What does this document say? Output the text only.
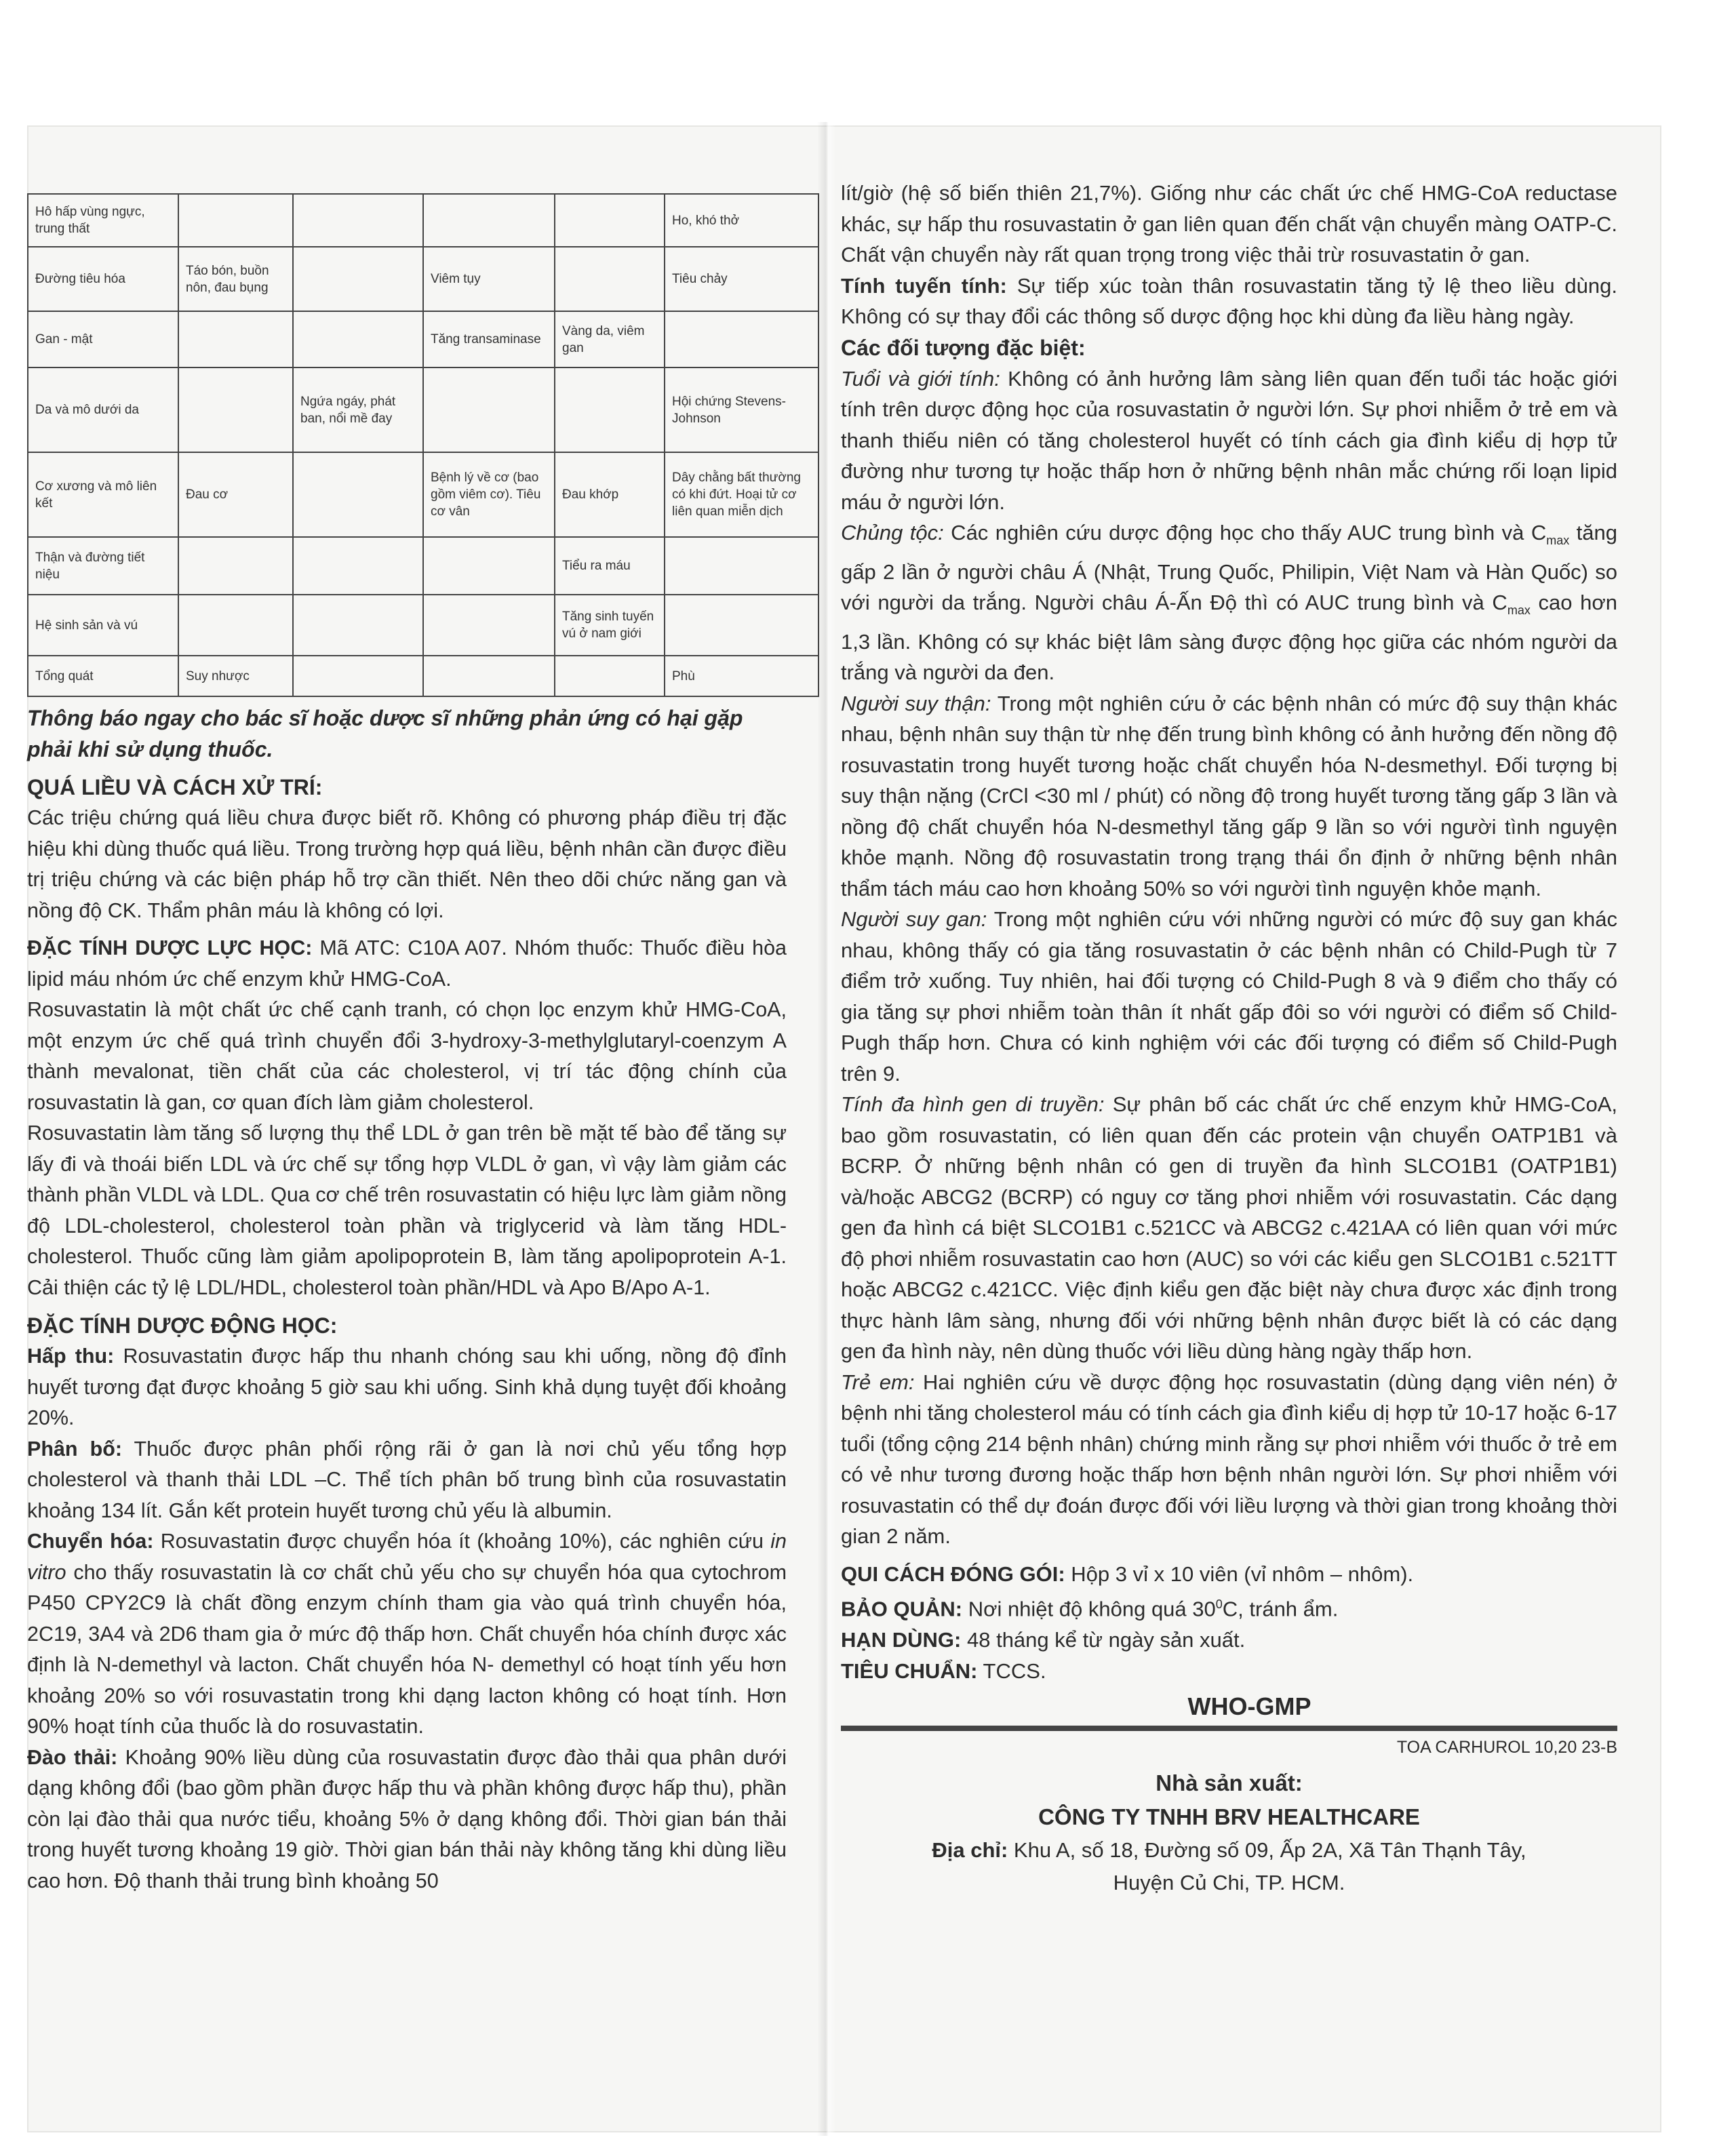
Hô hấp vùng ngực, trung thất					Ho, khó thở
Đường tiêu hóa	Táo bón, buồn nôn, đau bụng		Viêm tụy		Tiêu chảy
Gan - mật			Tăng transaminase	Vàng da, viêm gan	
Da và mô dưới da		Ngứa ngáy, phát ban, nổi mề đay			Hội chứng Stevens-Johnson
Cơ xương và mô liên kết	Đau cơ		Bệnh lý về cơ (bao gồm viêm cơ). Tiêu cơ vân	Đau khớp	Dây chằng bất thường có khi đứt. Hoại tử cơ liên quan miễn dịch
Thận và đường tiết niệu				Tiểu ra máu	
Hệ sinh sản và vú				Tăng sinh tuyến vú ở nam giới	
Tổng quát	Suy nhược				Phù

Thông báo ngay cho bác sĩ hoặc dược sĩ những phản ứng có hại gặp phải khi sử dụng thuốc.

QUÁ LIỀU VÀ CÁCH XỬ TRÍ:

Các triệu chứng quá liều chưa được biết rõ. Không có phương pháp điều trị đặc hiệu khi dùng thuốc quá liều. Trong trường hợp quá liều, bệnh nhân cần được điều trị triệu chứng và các biện pháp hỗ trợ cần thiết. Nên theo dõi chức năng gan và nồng độ CK. Thẩm phân máu là không có lợi.

ĐẶC TÍNH DƯỢC LỰC HỌC: Mã ATC: C10A A07. Nhóm thuốc: Thuốc điều hòa lipid máu nhóm ức chế enzym khử HMG-CoA.

Rosuvastatin là một chất ức chế cạnh tranh, có chọn lọc enzym khử HMG-CoA, một enzym ức chế quá trình chuyển đổi 3-hydroxy-3-methylglutaryl-coenzym A thành mevalonat, tiền chất của các cholesterol, vị trí tác động chính của rosuvastatin là gan, cơ quan đích làm giảm cholesterol.

Rosuvastatin làm tăng số lượng thụ thể LDL ở gan trên bề mặt tế bào để tăng sự lấy đi và thoái biến LDL và ức chế sự tổng hợp VLDL ở gan, vì vậy làm giảm các thành phần VLDL và LDL. Qua cơ chế trên rosuvastatin có hiệu lực làm giảm nồng độ LDL-cholesterol, cholesterol toàn phần và triglycerid và làm tăng HDL-cholesterol. Thuốc cũng làm giảm apolipoprotein B, làm tăng apolipoprotein A-1. Cải thiện các tỷ lệ LDL/HDL, cholesterol toàn phần/HDL và Apo B/Apo A-1.

ĐẶC TÍNH DƯỢC ĐỘNG HỌC:

Hấp thu: Rosuvastatin được hấp thu nhanh chóng sau khi uống, nồng độ đỉnh huyết tương đạt được khoảng 5 giờ sau khi uống. Sinh khả dụng tuyệt đối khoảng 20%.

Phân bố: Thuốc được phân phối rộng rãi ở gan là nơi chủ yếu tổng hợp cholesterol và thanh thải LDL –C. Thể tích phân bố trung bình của rosuvastatin khoảng 134 lít. Gắn kết protein huyết tương chủ yếu là albumin.

Chuyển hóa: Rosuvastatin được chuyển hóa ít (khoảng 10%), các nghiên cứu in vitro cho thấy rosuvastatin là cơ chất chủ yếu cho sự chuyển hóa qua cytochrom P450 CPY2C9 là chất đồng enzym chính tham gia vào quá trình chuyển hóa, 2C19, 3A4 và 2D6 tham gia ở mức độ thấp hơn. Chất chuyển hóa chính được xác định là N-demethyl và lacton. Chất chuyển hóa N- demethyl có hoạt tính yếu hơn khoảng 20% so với rosuvastatin trong khi dạng lacton không có hoạt tính. Hơn 90% hoạt tính của thuốc là do rosuvastatin.

Đào thải: Khoảng 90% liều dùng của rosuvastatin được đào thải qua phân dưới dạng không đổi (bao gồm phần được hấp thu và phần không được hấp thu), phần còn lại đào thải qua nước tiểu, khoảng 5% ở dạng không đổi. Thời gian bán thải trong huyết tương khoảng 19 giờ. Thời gian bán thải này không tăng khi dùng liều cao hơn. Độ thanh thải trung bình khoảng 50

lít/giờ (hệ số biến thiên 21,7%). Giống như các chất ức chế HMG-CoA reductase khác, sự hấp thu rosuvastatin ở gan liên quan đến chất vận chuyển màng OATP-C. Chất vận chuyển này rất quan trọng trong việc thải trừ rosuvastatin ở gan.

Tính tuyến tính: Sự tiếp xúc toàn thân rosuvastatin tăng tỷ lệ theo liều dùng. Không có sự thay đổi các thông số dược động học khi dùng đa liều hàng ngày.

Các đối tượng đặc biệt:

Tuổi và giới tính: Không có ảnh hưởng lâm sàng liên quan đến tuổi tác hoặc giới tính trên dược động học của rosuvastatin ở người lớn. Sự phơi nhiễm ở trẻ em và thanh thiếu niên có tăng cholesterol huyết có tính cách gia đình kiểu dị hợp tử đường như tương tự hoặc thấp hơn ở những bệnh nhân mắc chứng rối loạn lipid máu ở người lớn.

Chủng tộc: Các nghiên cứu dược động học cho thấy AUC trung bình và $C_{max}$ tăng gấp 2 lần ở người châu Á (Nhật, Trung Quốc, Philipin, Việt Nam và Hàn Quốc) so với người da trắng. Người châu Á-Ấn Độ thì có AUC trung bình và $C_{max}$ cao hơn 1,3 lần. Không có sự khác biệt lâm sàng được động học giữa các nhóm người da trắng và người da đen.

Người suy thận: Trong một nghiên cứu ở các bệnh nhân có mức độ suy thận khác nhau, bệnh nhân suy thận từ nhẹ đến trung bình không có ảnh hưởng đến nồng độ rosuvastatin trong huyết tương hoặc chất chuyển hóa N-desmethyl. Đối tượng bị suy thận nặng (CrCl <30 ml / phút) có nồng độ trong huyết tương tăng gấp 3 lần và nồng độ chất chuyển hóa N-desmethyl tăng gấp 9 lần so với người tình nguyện khỏe mạnh. Nồng độ rosuvastatin trong trạng thái ổn định ở những bệnh nhân thẩm tách máu cao hơn khoảng 50% so với người tình nguyện khỏe mạnh.

Người suy gan: Trong một nghiên cứu với những người có mức độ suy gan khác nhau, không thấy có gia tăng rosuvastatin ở các bệnh nhân có Child-Pugh từ 7 điểm trở xuống. Tuy nhiên, hai đối tượng có Child-Pugh 8 và 9 điểm cho thấy có gia tăng sự phơi nhiễm toàn thân ít nhất gấp đôi so với người có điểm số Child-Pugh thấp hơn. Chưa có kinh nghiệm với các đối tượng có điểm số Child-Pugh trên 9.

Tính đa hình gen di truyền: Sự phân bố các chất ức chế enzym khử HMG-CoA, bao gồm rosuvastatin, có liên quan đến các protein vận chuyển OATP1B1 và BCRP. Ở những bệnh nhân có gen di truyền đa hình SLCO1B1 (OATP1B1) và/hoặc ABCG2 (BCRP) có nguy cơ tăng phơi nhiễm với rosuvastatin. Các dạng gen đa hình cá biệt SLCO1B1 c.521CC và ABCG2 c.421AA có liên quan với mức độ phơi nhiễm rosuvastatin cao hơn (AUC) so với các kiểu gen SLCO1B1 c.521TT hoặc ABCG2 c.421CC. Việc định kiểu gen đặc biệt này chưa được xác định trong thực hành lâm sàng, nhưng đối với những bệnh nhân được biết là có các dạng gen đa hình này, nên dùng thuốc với liều dùng hàng ngày thấp hơn.

Trẻ em: Hai nghiên cứu về dược động học rosuvastatin (dùng dạng viên nén) ở bệnh nhi tăng cholesterol máu có tính cách gia đình kiểu dị hợp tử 10-17 hoặc 6-17 tuổi (tổng cộng 214 bệnh nhân) chứng minh rằng sự phơi nhiễm với thuốc ở trẻ em có vẻ như tương đương hoặc thấp hơn bệnh nhân người lớn. Sự phơi nhiễm với rosuvastatin có thể dự đoán được đối với liều lượng và thời gian trong khoảng thời gian 2 năm.

QUI CÁCH ĐÓNG GÓI: Hộp 3 vỉ x 10 viên (vỉ nhôm – nhôm).

BẢO QUẢN: Nơi nhiệt độ không quá $30^0C$, tránh ẩm.

HẠN DÙNG: 48 tháng kể từ ngày sản xuất.

TIÊU CHUẨN: TCCS.

WHO-GMP

TOA CARHUROL 10,20 23-B

Nhà sản xuất:

CÔNG TY TNHH BRV HEALTHCARE

Địa chỉ: Khu A, số 18, Đường số 09, Ấp 2A, Xã Tân Thạnh Tây,

Huyện Củ Chi, TP. HCM.
